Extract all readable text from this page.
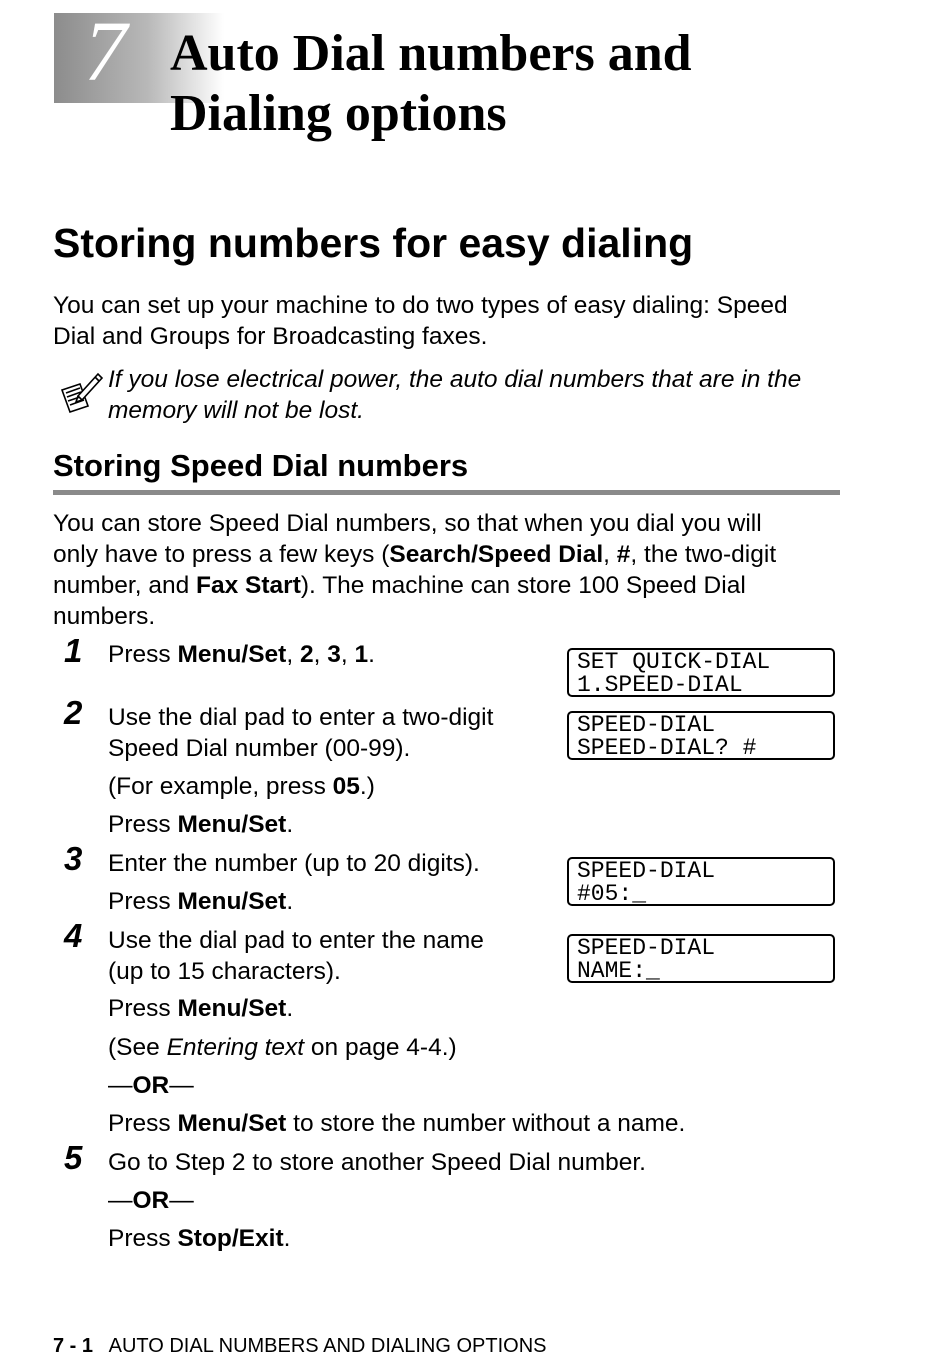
7 Auto Dial numbers and
Dialing options
Storing numbers for easy dialing

You can set up your machine to do two types of easy dialing: Speed

Dial and Groups for Broadcasting faxes.

If you lose electrical power, the auto dial numbers that are in the
memory will not be lost.

Storing Speed Dial numbers

You can store Speed Dial numbers, so that when you dial you will

only have to press a few keys (Search/Speed Dial, #, the two-digit

number, and Fax Start). The machine can store 100 Speed Dial

numbers.

1 Press Menu/Set, 2, 3, 1.

2 Use the dial pad to enter a two-digit

Speed Dial number (00-99).

(For example, press 05.)

Press Menu/Set.

3 Enter the number (up to 20 digits).

Press Menu/Set.

4 Use the dial pad to enter the name

(up to 15 characters).

Press Menu/Set.

(See Entering text on page 4-4.)

—OR—

Press Menu/Set to store the number without a name.

5 Go to Step 2 to store another Speed Dial number.

—OR—

Press Stop/Exit.

SET QUICK-DIAL
1.SPEED-DIAL
SPEED-DIAL
SPEED-DIAL? #
SPEED-DIAL
#05:_
SPEED-DIAL
NAME:_
7 - 1 AUTO DIAL NUMBERS AND DIALING OPTIONS
